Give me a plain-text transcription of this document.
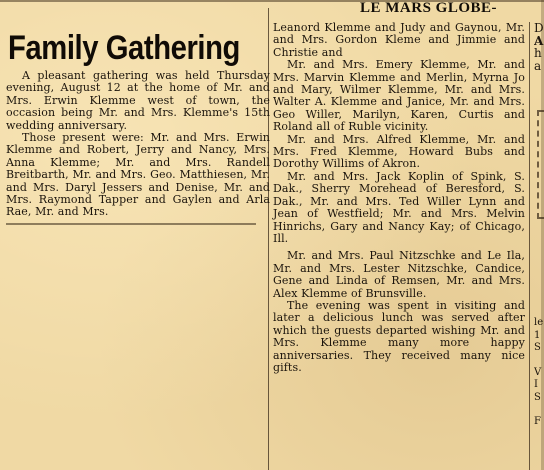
LE MARS GLOBE-
Family Gathering

A pleasant gathering was held Thursday evening, August 12 at the home of Mr. and Mrs. Erwin Klemme west of town, the occasion being Mr. and Mrs. Klemme's 15th wedding anniversary.

Those present were: Mr. and Mrs. Erwin Klemme and Robert, Jerry and Nancy, Mrs. Anna Klemme; Mr. and Mrs. Randell Breitbarth, Mr. and Mrs. Geo. Matthiesen, Mr. and Mrs. Daryl Jessers and Denise, Mr. and Mrs. Raymond Tapper and Gaylen and Arla Rae, Mr. and Mrs.

Leanord Klemme and Judy and Gaynou, Mr. and Mrs. Gordon Kleme and Jimmie and Christie and

Mr. and Mrs. Emery Klemme, Mr. and Mrs. Marvin Klemme and Merlin, Myrna Jo and Mary, Wilmer Klemme, Mr. and Mrs. Walter A. Klemme and Janice, Mr. and Mrs. Geo Willer, Marilyn, Karen, Curtis and Roland all of Ruble vicinity.

Mr. and Mrs. Alfred Klemme, Mr. and Mrs. Fred Klemme, Howard Bubs and Dorothy Willims of Akron.

Mr. and Mrs. Jack Koplin of Spink, S. Dak., Sherry Morehead of Beresford, S. Dak., Mr. and Mrs. Ted Willer Lynn and Jean of Westfield; Mr. and Mrs. Melvin Hinrichs, Gary and Nancy Kay; of Chicago, Ill.

Mr. and Mrs. Paul Nitzschke and Le Ila, Mr. and Mrs. Lester Nitzschke, Candice, Gene and Linda of Remsen, Mr. and Mrs. Alex Klemme of Brunsville.

The evening was spent in visiting and later a delicious lunch was served after which the guests departed wishing Mr. and Mrs. Klemme many more happy anniversaries. They received many nice gifts.

D
A
h
a
le
1
S
V
I
S
F
